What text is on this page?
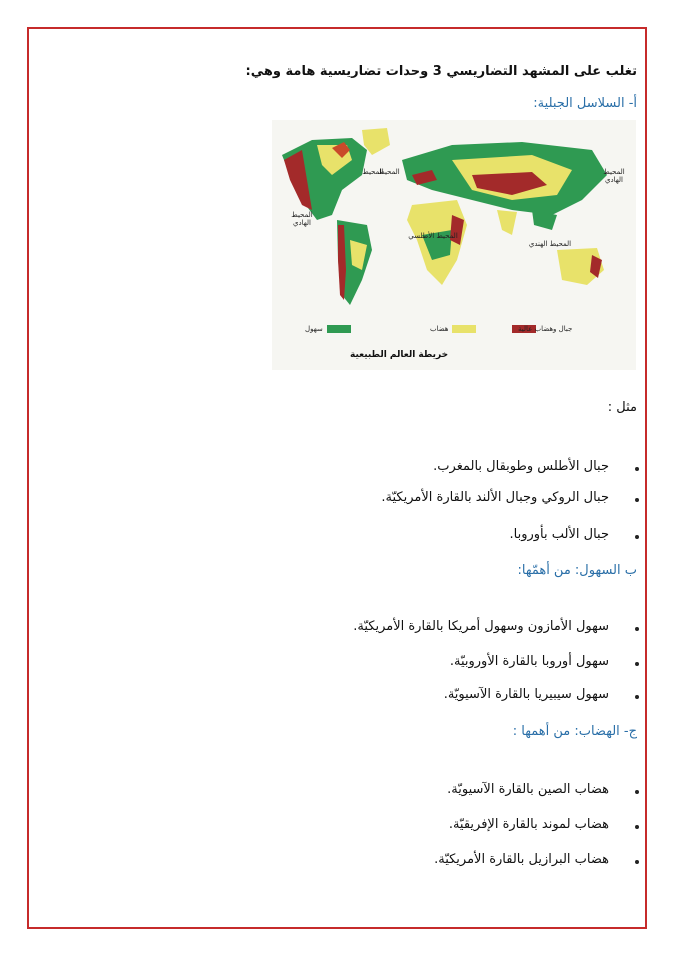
تغلب على المشهد التضاريسي 3 وحدات تضاريسية هامة وهي:
أ- السلاسل الجبلية:
المحيط
المحيط الهادي
المحيط الهادي
المحيط الأطلسي
المحيط الهندي
المحيط
جبال وهضاب عالية
هضاب
سهول
خريطة العالم الطبيعية
مثل :
جبال الأطلس وطوبقال بالمغرب.
جبال الروكي وجبال الألند بالقارة الأمريكيّة.
جبال الألب بأوروبا.
ب السهول: من أهمّها:
سهول الأمازون وسهول أمريكا بالقارة الأمريكيّة.
سهول أوروبا بالقارة الأوروبيّة.
سهول سيبيريا بالقارة الآسيويّة.
ج- الهضاب: من أهمها :
هضاب الصين بالقارة الآسيويّة.
هضاب لموند بالقارة الإفريقيّة.
هضاب البرازيل بالقارة الأمريكيّة.
